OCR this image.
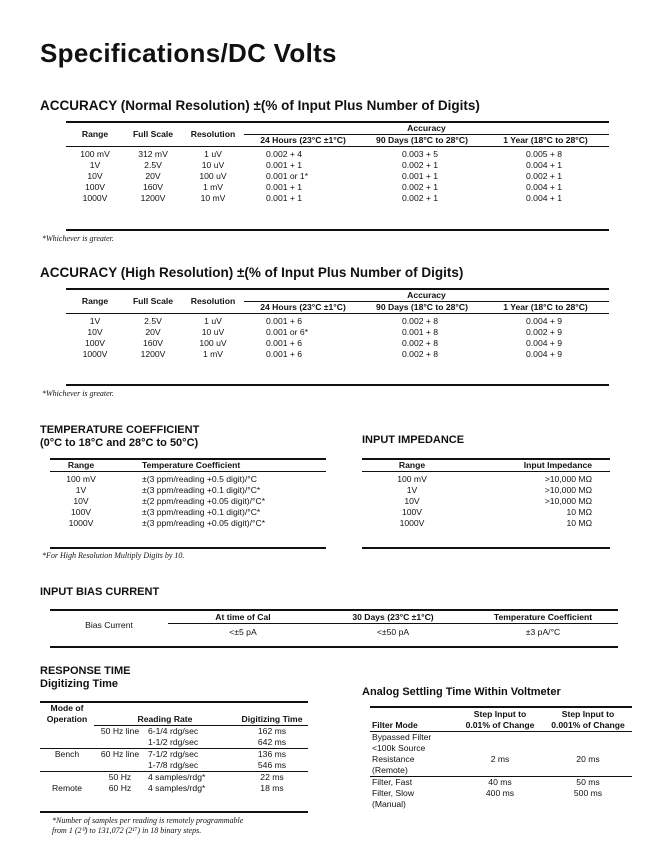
Specifications/DC Volts
ACCURACY (Normal Resolution) ±(% of Input Plus Number of Digits)
Range	Full Scale	Resolution	Accuracy		
			24 Hours (23°C ±1°C)	90 Days (18°C to 28°C)	1 Year (18°C to 28°C)

100 mV	312 mV	1 uV	0.002 + 4	0.003 + 5	0.005 + 8
1V	2.5V	10 uV	0.001 + 1	0.002 + 1	0.004 + 1
10V	20V	100 uV	0.001 or 1*	0.001 + 1	0.002 + 1
100V	160V	1 mV	0.001 + 1	0.002 + 1	0.004 + 1
1000V	1200V	10 mV	0.001 + 1	0.002 + 1	0.004 + 1
*Whichever is greater.
ACCURACY (High Resolution) ±(% of Input Plus Number of Digits)
Range	Full Scale	Resolution	Accuracy		
			24 Hours (23°C ±1°C)	90 Days (18°C to 28°C)	1 Year (18°C to 28°C)

1V	2.5V	1 uV	0.001 + 6	0.002 + 8	0.004 + 9
10V	20V	10 uV	0.001 or 6*	0.001 + 8	0.002 + 9
100V	160V	100 uV	0.001 + 6	0.002 + 8	0.004 + 9
1000V	1200V	1 mV	0.001 + 6	0.002 + 8	0.004 + 9
*Whichever is greater.
TEMPERATURE COEFFICIENT
(0°C to 18°C and 28°C to 50°C)
Range	Temperature Coefficient

100 mV	±(3 ppm/reading +0.5 digit)/°C
1V	±(3 ppm/reading +0.1 digit)/°C*
10V	±(2 ppm/reading +0.05 digit)/°C*
100V	±(3 ppm/reading +0.1 digit)/°C*
1000V	±(3 ppm/reading +0.05 digit)/°C*
*For High Resolution Multiply Digits by 10.
INPUT IMPEDANCE
Range	Input Impedance

100 mV	>10,000 MΩ
1V	>10,000 MΩ
10V	>10,000 MΩ
100V	10 MΩ
1000V	10 MΩ
INPUT BIAS CURRENT
Bias Current	At time of Cal	30 Days (23°C ±1°C)	Temperature Coefficient
	<±5 pA	<±50 pA	±3 pA/°C
RESPONSE TIME
Digitizing Time
Mode of			
Operation	Reading Rate		Digitizing Time
	50 Hz line	6-1/4 rdg/sec	162 ms
		1-1/2 rdg/sec	642 ms
Bench	60 Hz line	7-1/2 rdg/sec	136 ms
		1-7/8 rdg/sec	546 ms
	50 Hz	4 samples/rdg*	22 ms
Remote	60 Hz	4 samples/rdg*	18 ms
*Number of samples per reading is remotely programmable
from 1 (2⁰) to 131,072 (2¹⁷) in 18 binary steps.
Analog Settling Time Within Voltmeter
	Step Input to	Step Input to
Filter Mode	0.01% of Change	0.001% of Change
Bypassed Filter		
<100k Source		
Resistance	2 ms	20 ms
(Remote)		
Filter, Fast	40 ms	50 ms
Filter, Slow	400 ms	500 ms
(Manual)		
